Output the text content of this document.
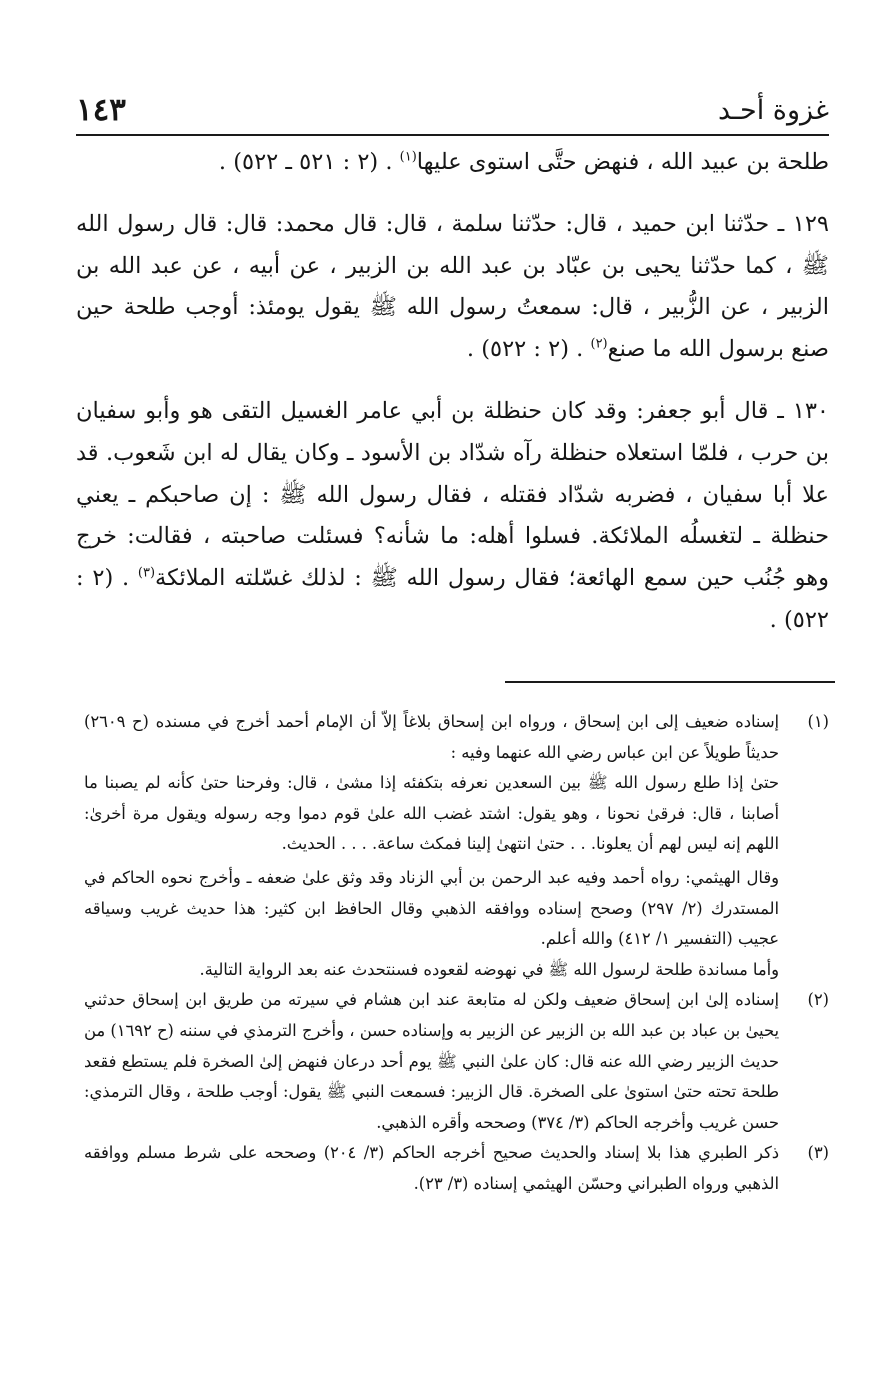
غزوة أحـد
١٤٣

طلحة بن عبيد الله ، فنهض حتَّى استوى عليها$^{(١)}$ . (٢ : ٥٢١ ـ ٥٢٢) .

١٢٩ ـ حدّثنا ابن حميد ، قال: حدّثنا سلمة ، قال: قال محمد: قال: قال رسول الله ﷺ ، كما حدّثنا يحيى بن عبّاد بن عبد الله بن الزبير ، عن أبيه ، عن عبد الله بن الزبير ، عن الزُّبير ، قال: سمعتُ رسول الله ﷺ يقول يومئذ: أوجب طلحة حين صنع برسول الله ما صنع$^{(٢)}$ . (٢ : ٥٢٢) .

١٣٠ ـ قال أبو جعفر: وقد كان حنظلة بن أبي عامر الغسيل التقى هو وأبو سفيان بن حرب ، فلمّا استعلاه حنظلة رآه شدّاد بن الأسود ـ وكان يقال له ابن شَعوب. قد علا أبا سفيان ، فضربه شدّاد فقتله ، فقال رسول الله ﷺ : إن صاحبكم ـ يعني حنظلة ـ لتغسلُه الملائكة. فسلوا أهله: ما شأنه؟ فسئلت صاحبته ، فقالت: خرج وهو جُنُب حين سمع الهائعة؛ فقال رسول الله ﷺ : لذلك غسّلته الملائكة$^{(٣)}$ . (٢ : ٥٢٢) .

(١)

إسناده ضعيف إلى ابن إسحاق ، ورواه ابن إسحاق بلاغاً إلاّ أن الإمام أحمد أخرج في مسنده (ح ٢٦٠٩) حديثاً طويلاً عن ابن عباس رضي الله عنهما وفيه :

حتىٰ إذا طلع رسول الله ﷺ بين السعدين نعرفه بتكفئه إذا مشىٰ ، قال: وفرحنا حتىٰ كأنه لم يصبنا ما أصابنا ، قال: فرقىٰ نحونا ، وهو يقول: اشتد غضب الله علىٰ قوم دموا وجه رسوله ويقول مرة أخرىٰ: اللهم إنه ليس لهم أن يعلونا. . . حتىٰ انتهىٰ إلينا فمكث ساعة. . . . الحديث.

وقال الهيثمي: رواه أحمد وفيه عبد الرحمن بن أبي الزناد وقد وثق علىٰ ضعفه ـ وأخرج نحوه الحاكم في المستدرك (٢/ ٢٩٧) وصحح إسناده ووافقه الذهبي وقال الحافظ ابن كثير: هذا حديث غريب وسياقه عجيب (التفسير ١/ ٤١٢) والله أعلم.

وأما مساندة طلحة لرسول الله ﷺ في نهوضه لقعوده فسنتحدث عنه بعد الرواية التالية.

(٢)

إسناده إلىٰ ابن إسحاق ضعيف ولكن له متابعة عند ابن هشام في سيرته من طريق ابن إسحاق حدثني يحيىٰ بن عباد بن عبد الله بن الزبير عن الزبير به وإسناده حسن ، وأخرج الترمذي في سننه (ح ١٦٩٢) من حديث الزبير رضي الله عنه قال: كان علىٰ النبي ﷺ يوم أحد درعان فنهض إلىٰ الصخرة فلم يستطع فقعد طلحة تحته حتىٰ استوىٰ على الصخرة. قال الزبير: فسمعت النبي ﷺ يقول: أوجب طلحة ، وقال الترمذي: حسن غريب وأخرجه الحاكم (٣/ ٣٧٤) وصححه وأقره الذهبي.

(٣)

ذكر الطبري هذا بلا إسناد والحديث صحيح أخرجه الحاكم (٣/ ٢٠٤) وصححه على شرط مسلم ووافقه الذهبي ورواه الطبراني وحسّن الهيثمي إسناده (٣/ ٢٣).
